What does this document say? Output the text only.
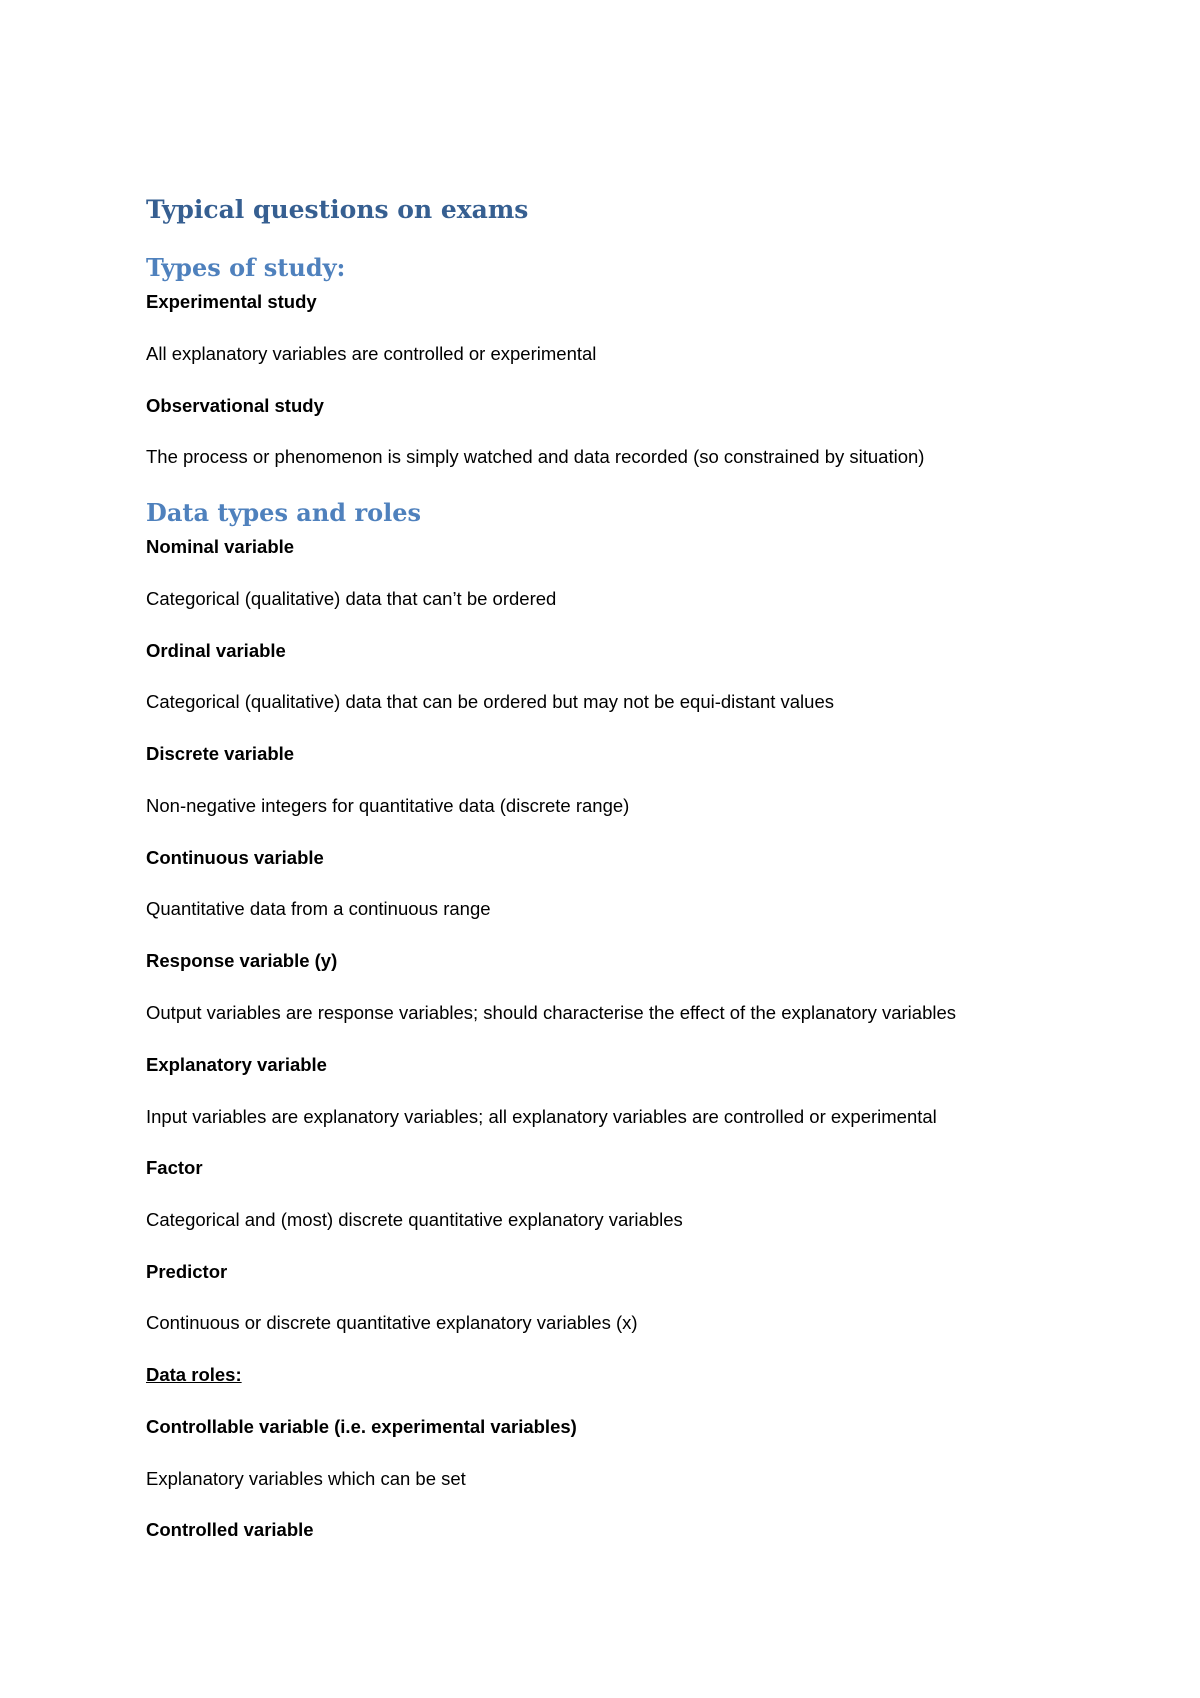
Typical questions on exams
Types of study:
Experimental study
All explanatory variables are controlled or experimental
Observational study
The process or phenomenon is simply watched and data recorded (so constrained by situation)
Data types and roles
Nominal variable
Categorical (qualitative) data that can’t be ordered
Ordinal variable
Categorical (qualitative) data that can be ordered but may not be equi-distant values
Discrete variable
Non-negative integers for quantitative data (discrete range)
Continuous variable
Quantitative data from a continuous range
Response variable (y)
Output variables are response variables; should characterise the effect of the explanatory variables
Explanatory variable
Input variables are explanatory variables; all explanatory variables are controlled or experimental
Factor
Categorical and (most) discrete quantitative explanatory variables
Predictor
Continuous or discrete quantitative explanatory variables (x)
Data roles:
Controllable variable (i.e. experimental variables)
Explanatory variables which can be set
Controlled variable
